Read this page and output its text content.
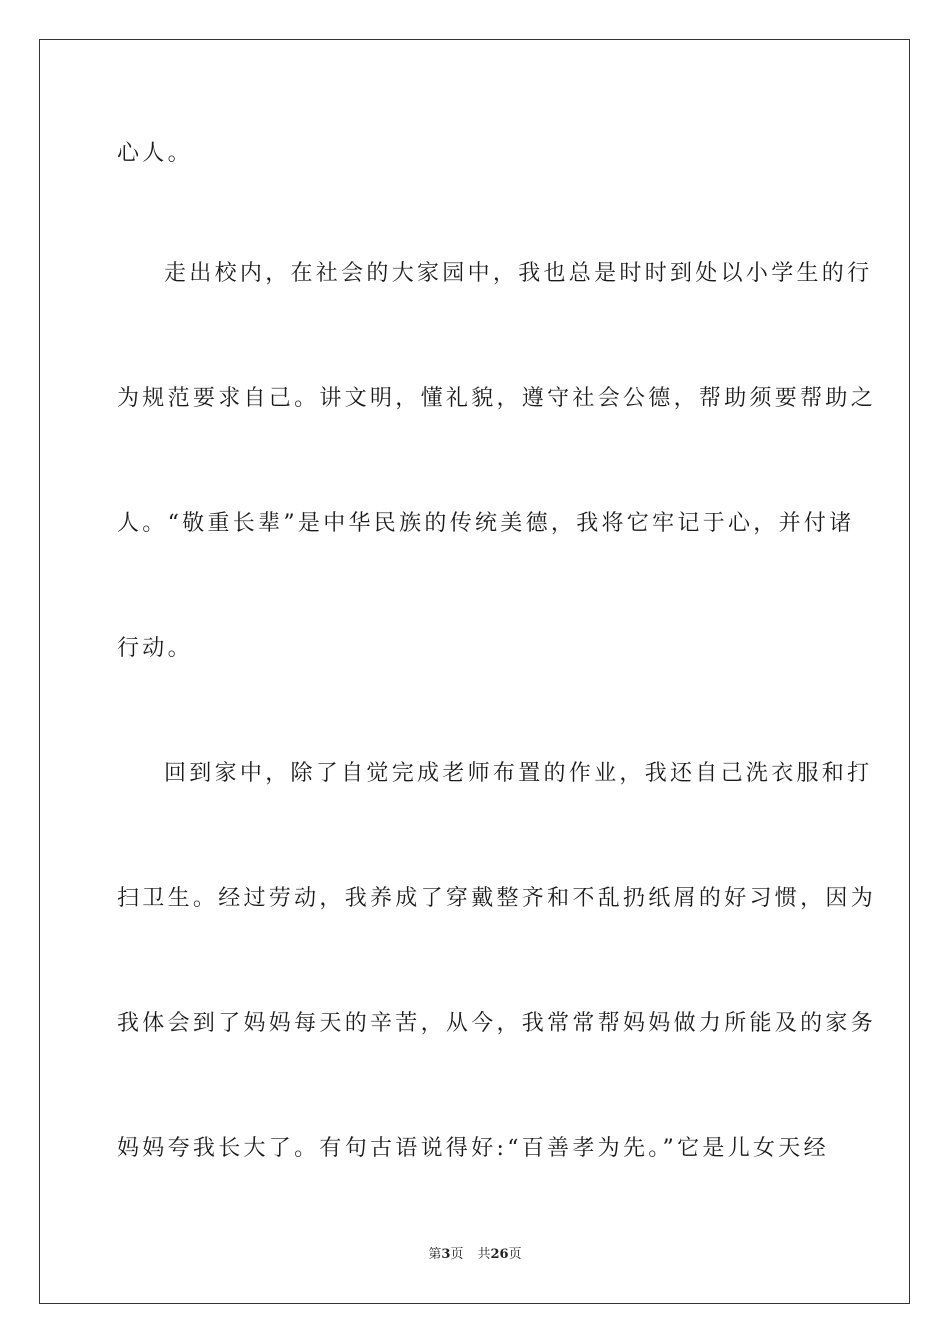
心人。
走出校内，在社会的大家园中，我也总是时时到处以小学生的行
为规范要求自己。讲文明，懂礼貌，遵守社会公德，帮助须要帮助之
人。“敬重长辈”是中华民族的传统美德，我将它牢记于心，并付诸
行动。
回到家中，除了自觉完成老师布置的作业，我还自己洗衣服和打
扫卫生。经过劳动，我养成了穿戴整齐和不乱扔纸屑的好习惯，因为
我体会到了妈妈每天的辛苦，从今，我常常帮妈妈做力所能及的家务
妈妈夸我长大了。有句古语说得好:“百善孝为先。”它是儿女天经
第3页 共26页
